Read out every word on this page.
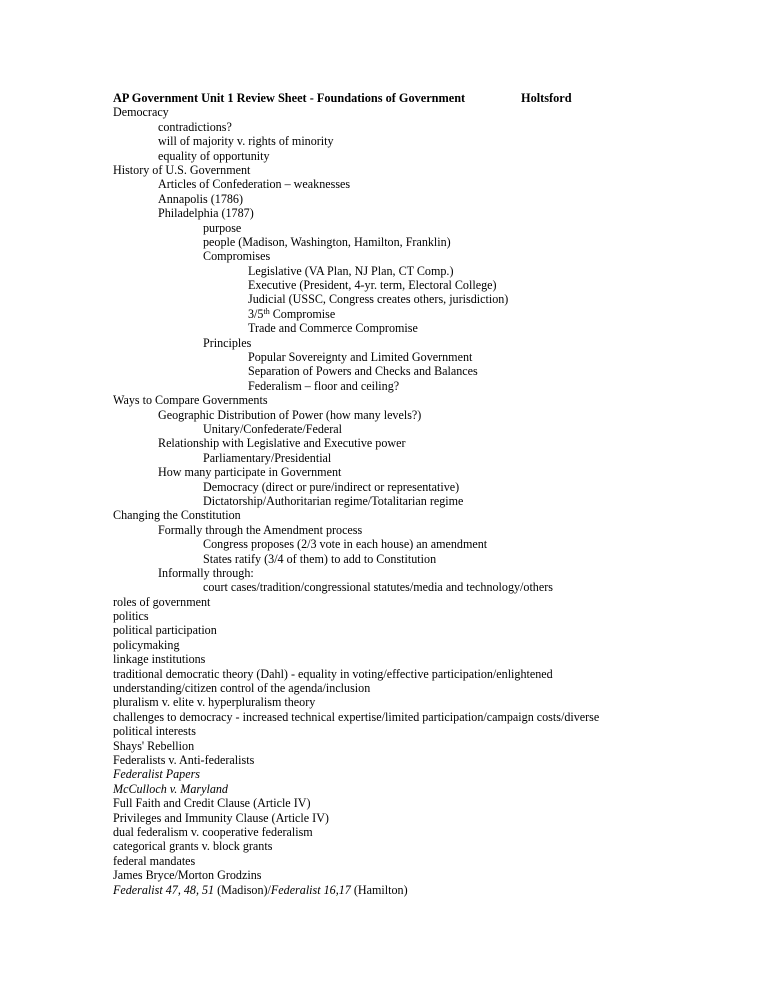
AP Government Unit 1 Review Sheet - Foundations of Government	Holtsford
Democracy
contradictions?
will of majority v. rights of minority
equality of opportunity
History of U.S. Government
Articles of Confederation – weaknesses
Annapolis (1786)
Philadelphia (1787)
purpose
people (Madison, Washington, Hamilton, Franklin)
Compromises
Legislative (VA Plan, NJ Plan, CT Comp.)
Executive (President, 4-yr. term, Electoral College)
Judicial (USSC, Congress creates others, jurisdiction)
3/5th Compromise
Trade and Commerce Compromise
Principles
Popular Sovereignty and Limited Government
Separation of Powers and Checks and Balances
Federalism – floor and ceiling?
Ways to Compare Governments
Geographic Distribution of Power (how many levels?)
Unitary/Confederate/Federal
Relationship with Legislative and Executive power
Parliamentary/Presidential
How many participate in Government
Democracy (direct or pure/indirect or representative)
Dictatorship/Authoritarian regime/Totalitarian regime
Changing the Constitution
Formally through the Amendment process
Congress proposes (2/3 vote in each house) an amendment
States ratify (3/4 of them) to add to Constitution
Informally through:
court cases/tradition/congressional statutes/media and technology/others
roles of government
politics
political participation
policymaking
linkage institutions
traditional democratic theory (Dahl) - equality in voting/effective participation/enlightened understanding/citizen control of the agenda/inclusion
pluralism v. elite v. hyperpluralism theory
challenges to democracy - increased technical expertise/limited participation/campaign costs/diverse political interests
Shays' Rebellion
Federalists v. Anti-federalists
Federalist Papers
McCulloch v. Maryland
Full Faith and Credit Clause (Article IV)
Privileges and Immunity Clause (Article IV)
dual federalism v. cooperative federalism
categorical grants v. block grants
federal mandates
James Bryce/Morton Grodzins
Federalist 47, 48, 51 (Madison)/Federalist 16,17 (Hamilton)
